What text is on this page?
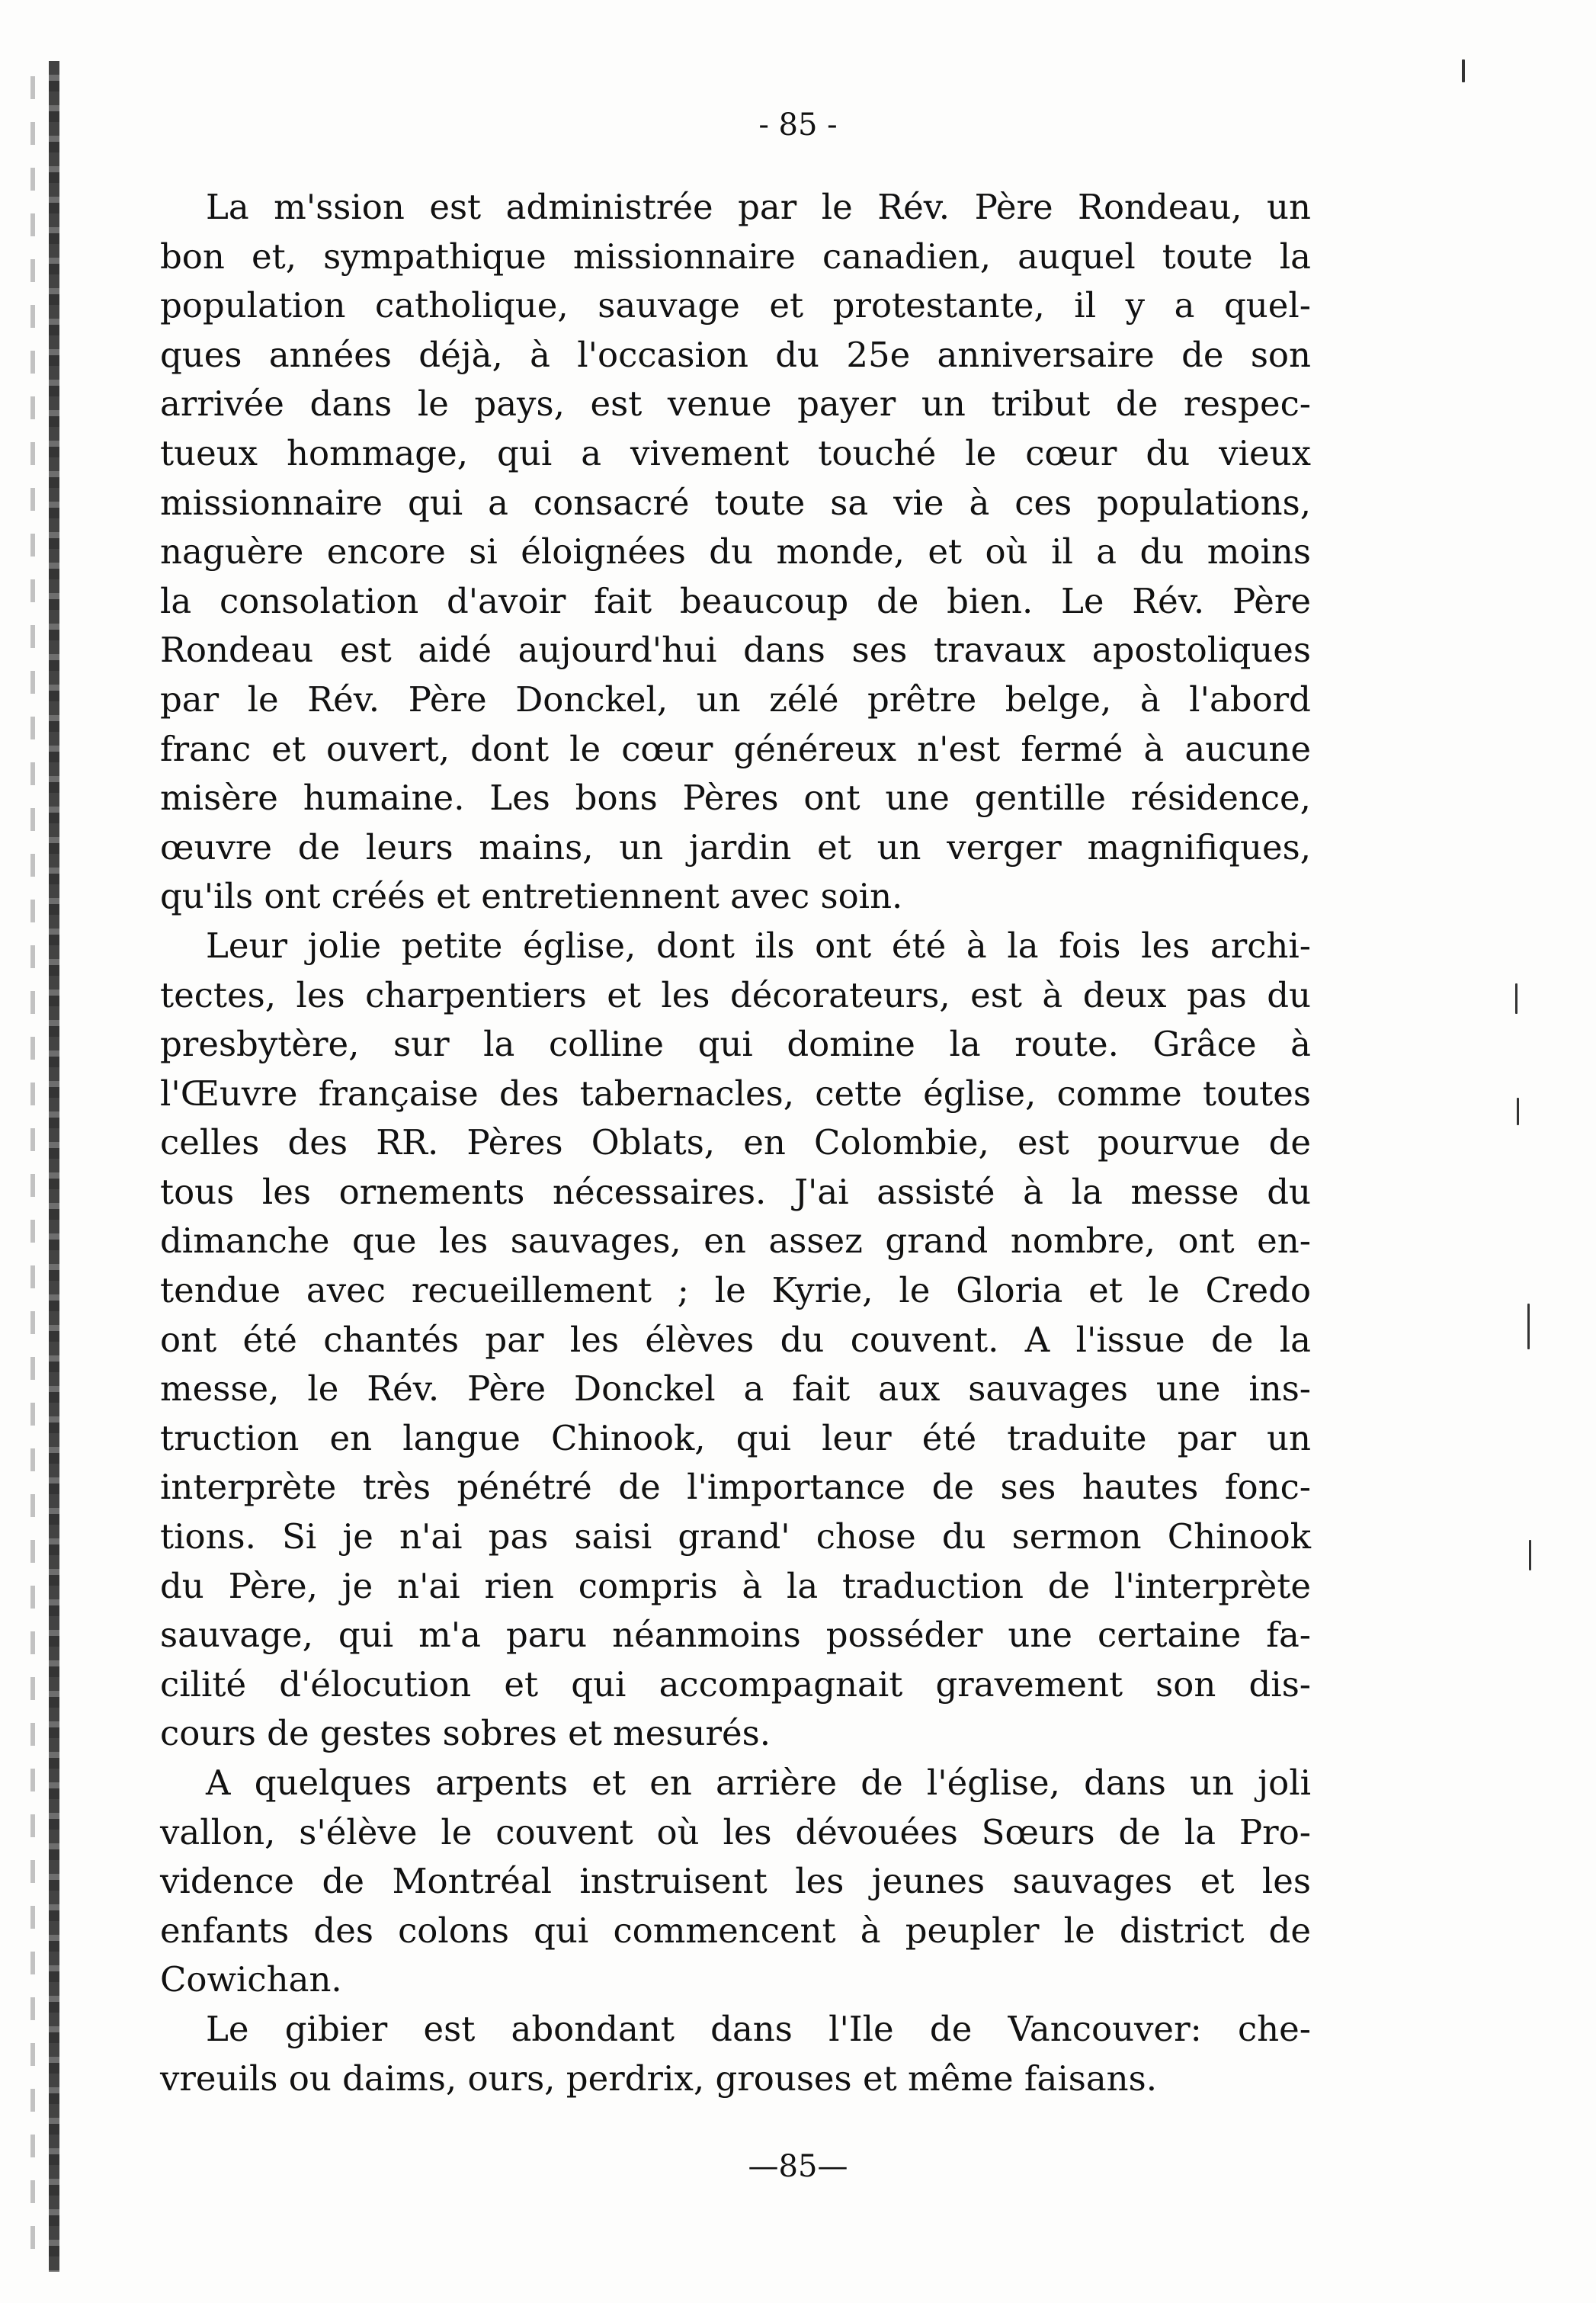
- 85 -
La m'ssion est administrée par le Rév. Père Rondeau, un
bon et, sympathique missionnaire canadien, auquel toute la
population catholique, sauvage et protestante, il y a quel-
ques années déjà, à l'occasion du 25e anniversaire de son
arrivée dans le pays, est venue payer un tribut de respec-
tueux hommage, qui a vivement touché le cœur du vieux
missionnaire qui a consacré toute sa vie à ces populations,
naguère encore si éloignées du monde, et où il a du moins
la consolation d'avoir fait beaucoup de bien. Le Rév. Père
Rondeau est aidé aujourd'hui dans ses travaux apostoliques
par le Rév. Père Donckel, un zélé prêtre belge, à l'abord
franc et ouvert, dont le cœur généreux n'est fermé à aucune
misère humaine. Les bons Pères ont une gentille résidence,
œuvre de leurs mains, un jardin et un verger magnifiques,
qu'ils ont créés et entretiennent avec soin.
Leur jolie petite église, dont ils ont été à la fois les archi-
tectes, les charpentiers et les décorateurs, est à deux pas du
presbytère, sur la colline qui domine la route. Grâce à
l'Œuvre française des tabernacles, cette église, comme toutes
celles des RR. Pères Oblats, en Colombie, est pourvue de
tous les ornements nécessaires. J'ai assisté à la messe du
dimanche que les sauvages, en assez grand nombre, ont en-
tendue avec recueillement ; le Kyrie, le Gloria et le Credo
ont été chantés par les élèves du couvent. A l'issue de la
messe, le Rév. Père Donckel a fait aux sauvages une ins-
truction en langue Chinook, qui leur été traduite par un
interprète très pénétré de l'importance de ses hautes fonc-
tions. Si je n'ai pas saisi grand' chose du sermon Chinook
du Père, je n'ai rien compris à la traduction de l'interprète
sauvage, qui m'a paru néanmoins posséder une certaine fa-
cilité d'élocution et qui accompagnait gravement son dis-
cours de gestes sobres et mesurés.
A quelques arpents et en arrière de l'église, dans un joli
vallon, s'élève le couvent où les dévouées Sœurs de la Pro-
vidence de Montréal instruisent les jeunes sauvages et les
enfants des colons qui commencent à peupler le district de
Cowichan.
Le gibier est abondant dans l'Ile de Vancouver: che-
vreuils ou daims, ours, perdrix, grouses et même faisans.
—85—
